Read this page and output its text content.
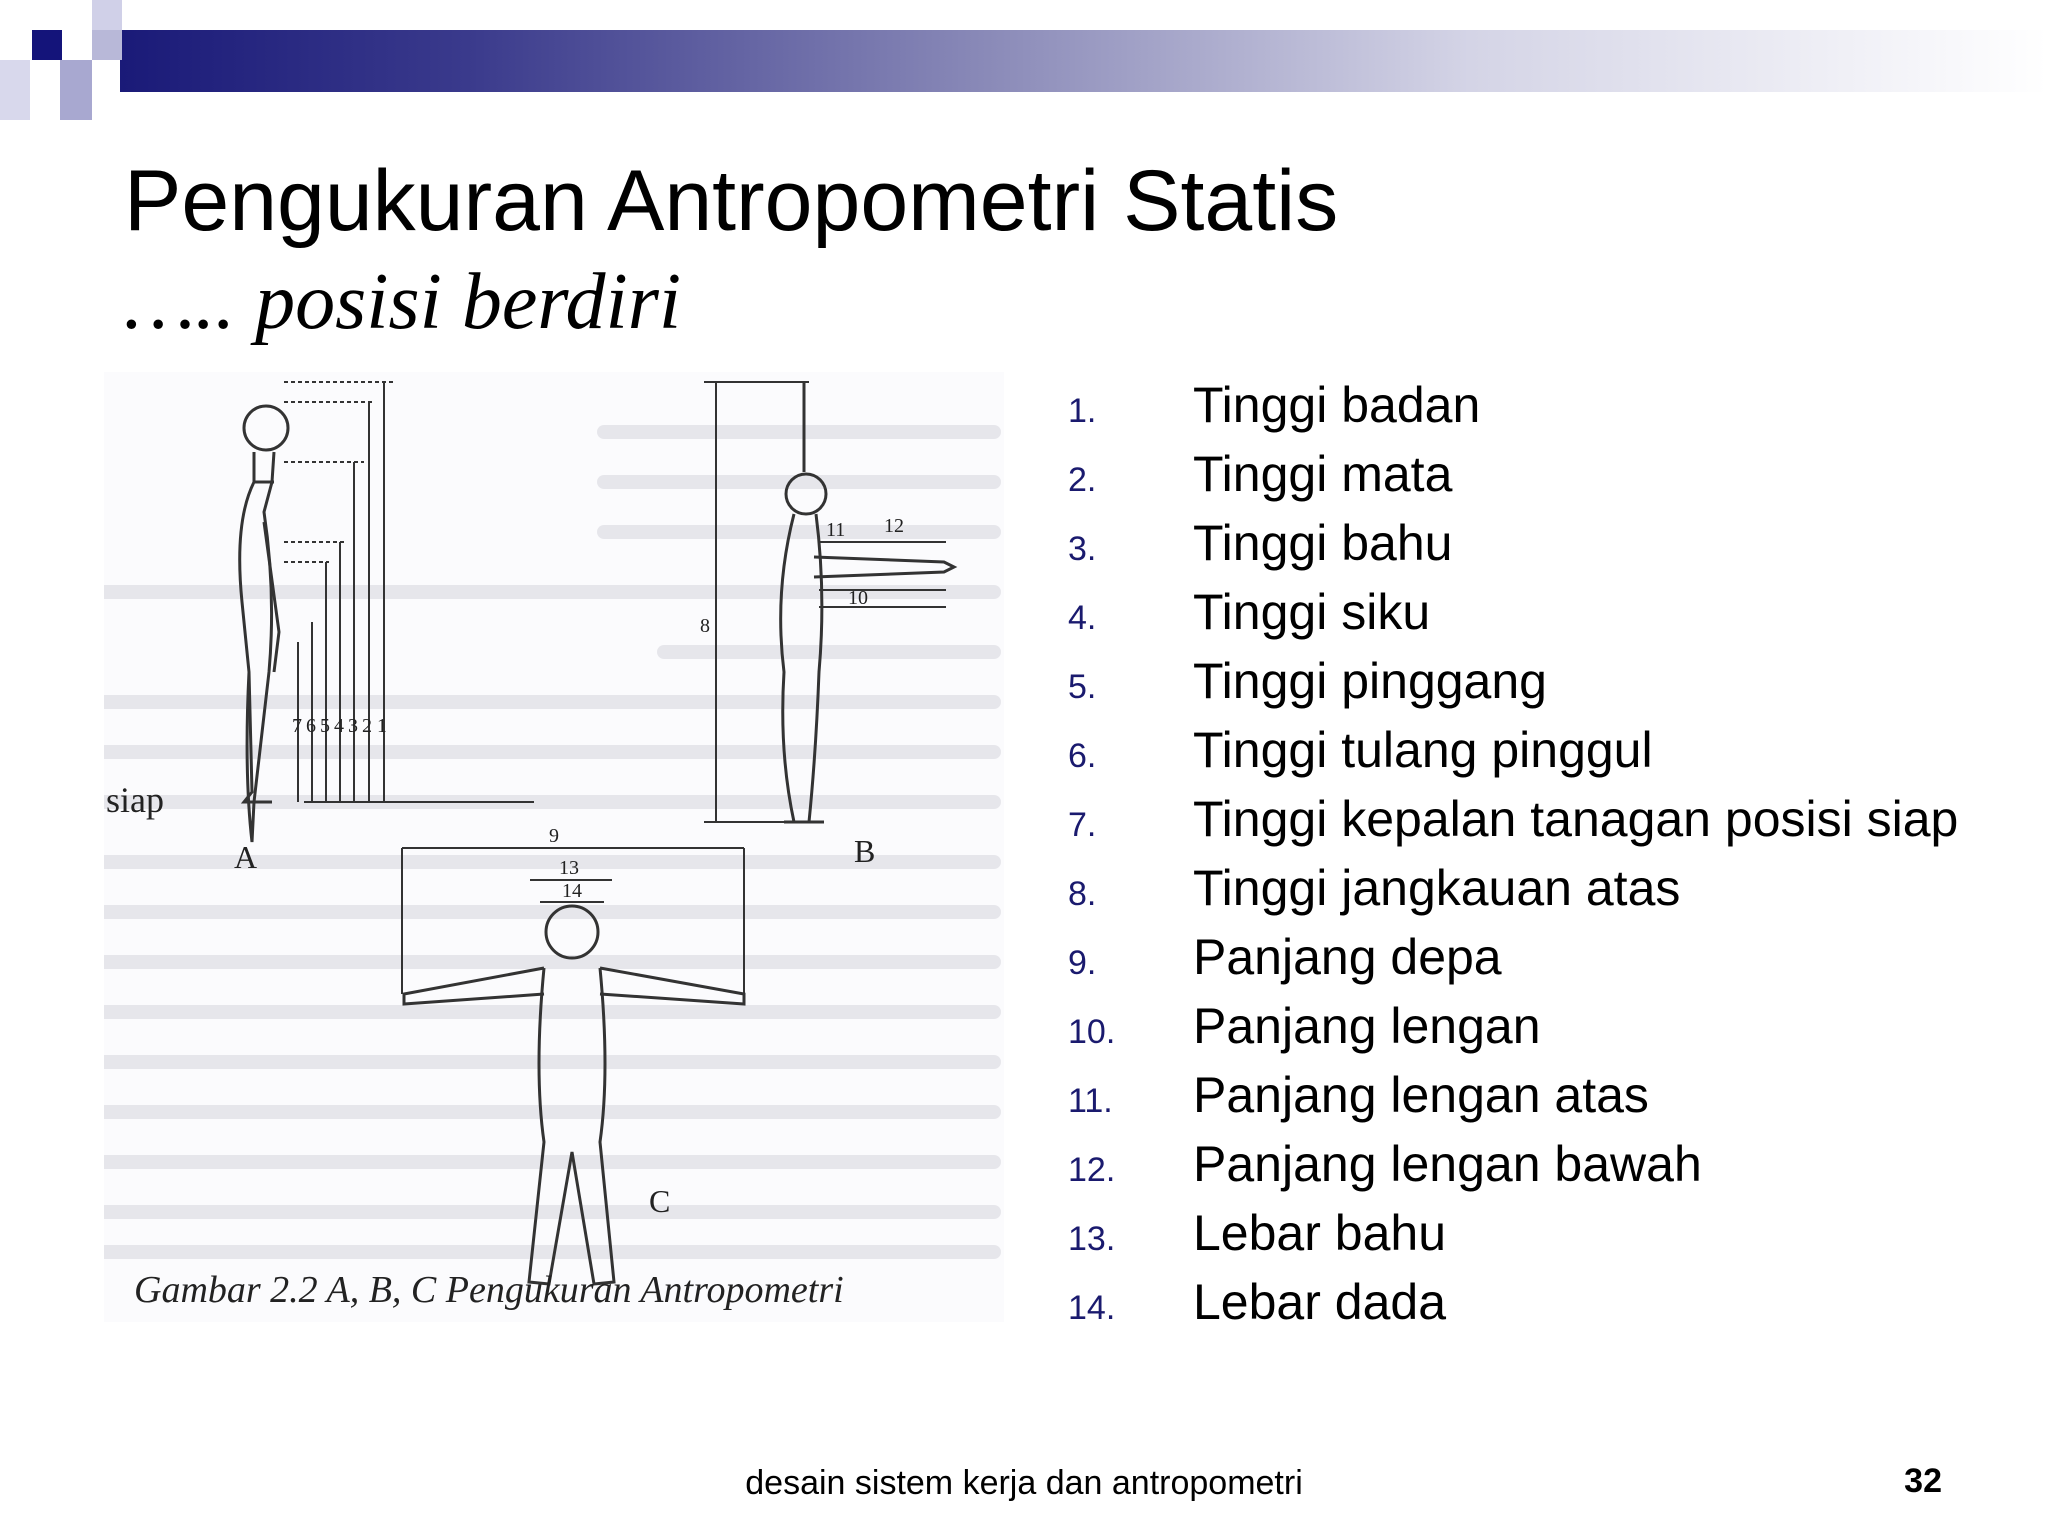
Pengukuran Antropometri Statis
….. posisi berdiri
7 6 5 4 3 2 1
siap
A
8
10
11 12
B
9
13
14
C
Gambar 2.2 A, B, C Pengukuran Antropometri
1.	Tinggi badan
2.	Tinggi mata
3.	Tinggi bahu
4.	Tinggi siku
5.	Tinggi pinggang
6.	Tinggi tulang pinggul
7.	Tinggi kepalan tanagan posisi siap
8.	Tinggi jangkauan atas
9.	Panjang depa
10.	Panjang lengan
11.	Panjang lengan atas
12.	Panjang lengan bawah
13.	Lebar bahu
14.	Lebar dada
desain sistem kerja dan antropometri	32
